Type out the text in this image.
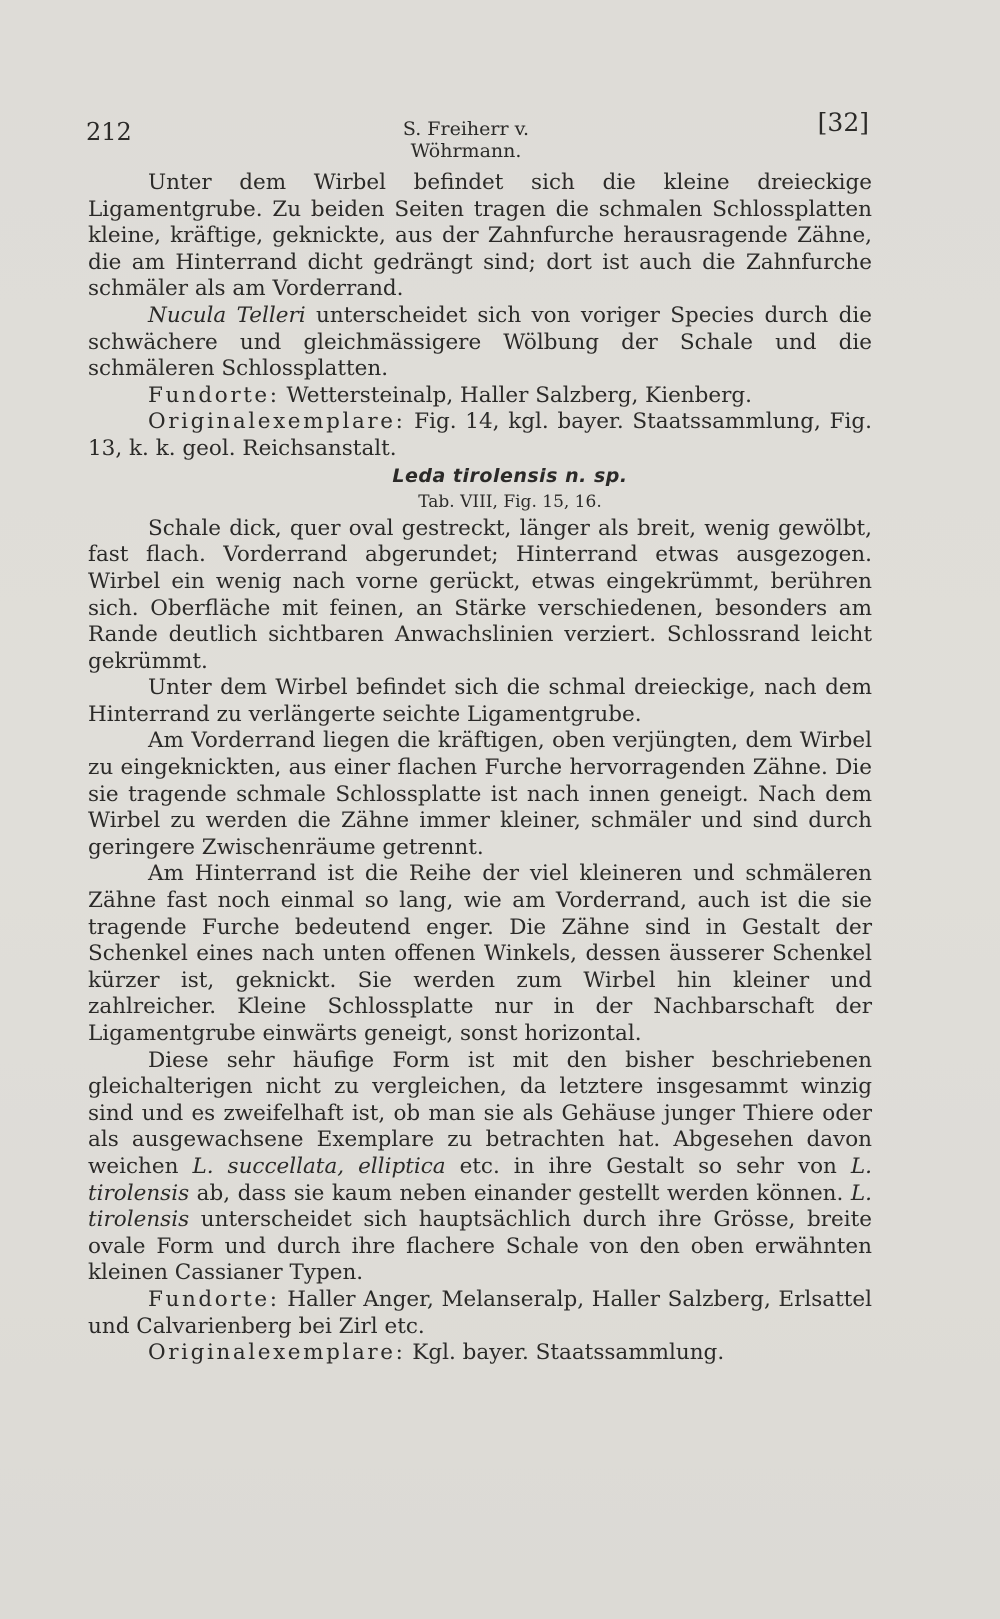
212	S. Freiherr v. Wöhrmann.
[32]

Unter dem Wirbel befindet sich die kleine dreieckige Ligamentgrube. Zu beiden Seiten tragen die schmalen Schlossplatten kleine, kräftige, geknickte, aus der Zahnfurche herausragende Zähne, die am Hinterrand dicht gedrängt sind; dort ist auch die Zahnfurche schmäler als am Vorderrand.

Nucula Telleri unterscheidet sich von voriger Species durch die schwächere und gleichmässigere Wölbung der Schale und die schmäleren Schlossplatten.

Fundorte: Wettersteinalp, Haller Salzberg, Kienberg.

Originalexemplare: Fig. 14, kgl. bayer. Staatssammlung, Fig. 13, k. k. geol. Reichsanstalt.

Leda tirolensis n. sp.

Tab. VIII, Fig. 15, 16.

Schale dick, quer oval gestreckt, länger als breit, wenig gewölbt, fast flach. Vorderrand abgerundet; Hinterrand etwas ausgezogen. Wirbel ein wenig nach vorne gerückt, etwas eingekrümmt, berühren sich. Oberfläche mit feinen, an Stärke verschiedenen, besonders am Rande deutlich sichtbaren Anwachslinien verziert. Schlossrand leicht gekrümmt.

Unter dem Wirbel befindet sich die schmal dreieckige, nach dem Hinterrand zu verlängerte seichte Ligamentgrube.

Am Vorderrand liegen die kräftigen, oben verjüngten, dem Wirbel zu eingeknickten, aus einer flachen Furche hervorragenden Zähne. Die sie tragende schmale Schlossplatte ist nach innen geneigt. Nach dem Wirbel zu werden die Zähne immer kleiner, schmäler und sind durch geringere Zwischenräume getrennt.

Am Hinterrand ist die Reihe der viel kleineren und schmäleren Zähne fast noch einmal so lang, wie am Vorderrand, auch ist die sie tragende Furche bedeutend enger. Die Zähne sind in Gestalt der Schenkel eines nach unten offenen Winkels, dessen äusserer Schenkel kürzer ist, geknickt. Sie werden zum Wirbel hin kleiner und zahlreicher. Kleine Schlossplatte nur in der Nachbarschaft der Ligamentgrube einwärts geneigt, sonst horizontal.

Diese sehr häufige Form ist mit den bisher beschriebenen gleichalterigen nicht zu vergleichen, da letztere insgesammt winzig sind und es zweifelhaft ist, ob man sie als Gehäuse junger Thiere oder als ausgewachsene Exemplare zu betrachten hat. Abgesehen davon weichen L. succellata, elliptica etc. in ihre Gestalt so sehr von L. tirolensis ab, dass sie kaum neben einander gestellt werden können. L. tirolensis unterscheidet sich hauptsächlich durch ihre Grösse, breite ovale Form und durch ihre flachere Schale von den oben erwähnten kleinen Cassianer Typen.

Fundorte: Haller Anger, Melanseralp, Haller Salzberg, Erlsattel und Calvarienberg bei Zirl etc.

Originalexemplare: Kgl. bayer. Staatssammlung.
